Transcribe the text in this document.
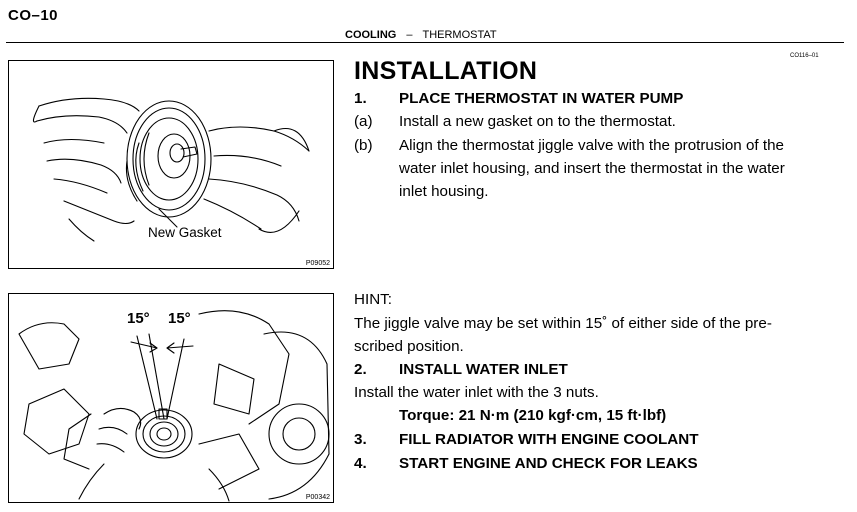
CO–10
COOLING – THERMOSTAT
CO116–01
New Gasket
P09052
15° 15°
P00342
INSTALLATION
1. PLACE THERMOSTAT IN WATER PUMP
(a) Install a new gasket on to the thermostat.
(b) Align the thermostat jiggle valve with the protrusion of the
water inlet housing, and insert the thermostat in the water
inlet housing.
HINT:
The jiggle valve may be set within 15˚ of either side of the pre-
scribed position.
2. INSTALL WATER INLET
Install the water inlet with the 3 nuts.
Torque: 21 N·m (210 kgf·cm, 15 ft·lbf)
3. FILL RADIATOR WITH ENGINE COOLANT
4. START ENGINE AND CHECK FOR LEAKS
